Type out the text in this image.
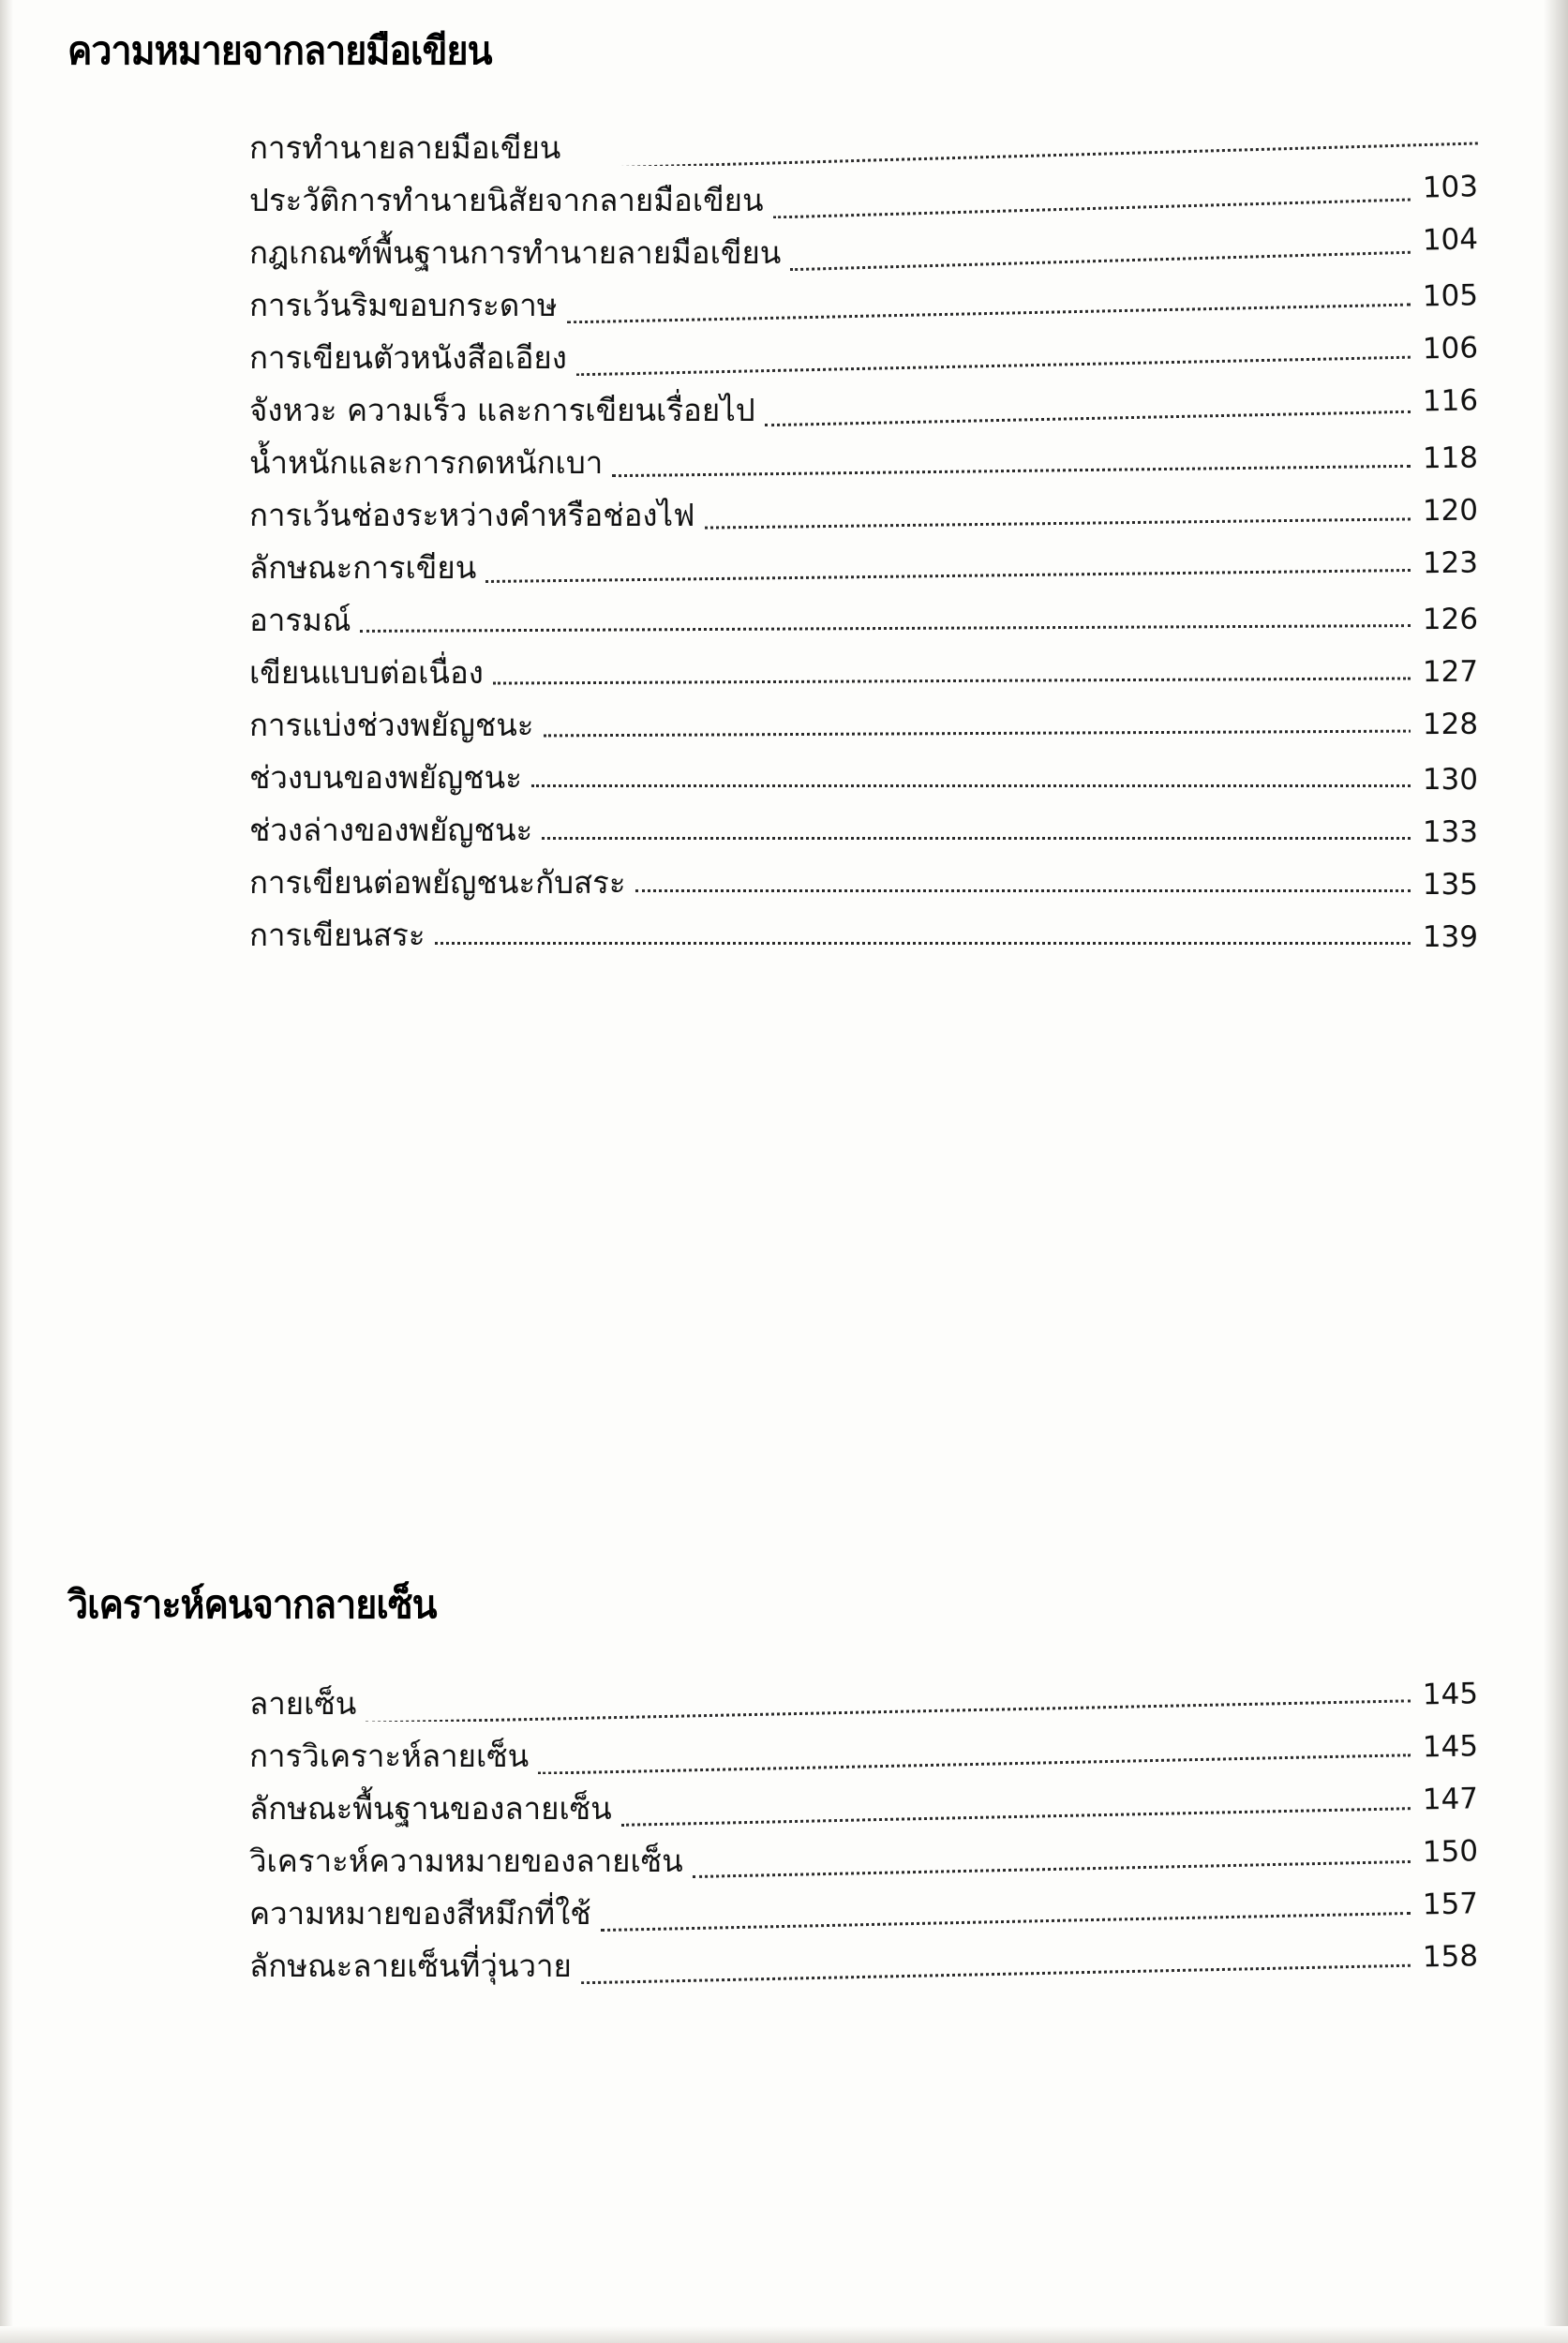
ความหมายจากลายมือเขียน
การทำนายลายมือเขียน
ประวัติการทำนายนิสัยจากลายมือเขียน	103
กฎเกณฑ์พื้นฐานการทำนายลายมือเขียน	104
การเว้นริมขอบกระดาษ	105
การเขียนตัวหนังสือเอียง	106
จังหวะ ความเร็ว และการเขียนเรื่อยไป	116
น้ำหนักและการกดหนักเบา	118
การเว้นช่องระหว่างคำหรือช่องไฟ	120
ลักษณะการเขียน	123
อารมณ์	126
เขียนแบบต่อเนื่อง	127
การแบ่งช่วงพยัญชนะ	128
ช่วงบนของพยัญชนะ	130
ช่วงล่างของพยัญชนะ	133
การเขียนต่อพยัญชนะกับสระ	135
การเขียนสระ	139
วิเคราะห์คนจากลายเซ็น
ลายเซ็น	145
การวิเคราะห์ลายเซ็น	145
ลักษณะพื้นฐานของลายเซ็น	147
วิเคราะห์ความหมายของลายเซ็น	150
ความหมายของสีหมึกที่ใช้	157
ลักษณะลายเซ็นที่วุ่นวาย	158
